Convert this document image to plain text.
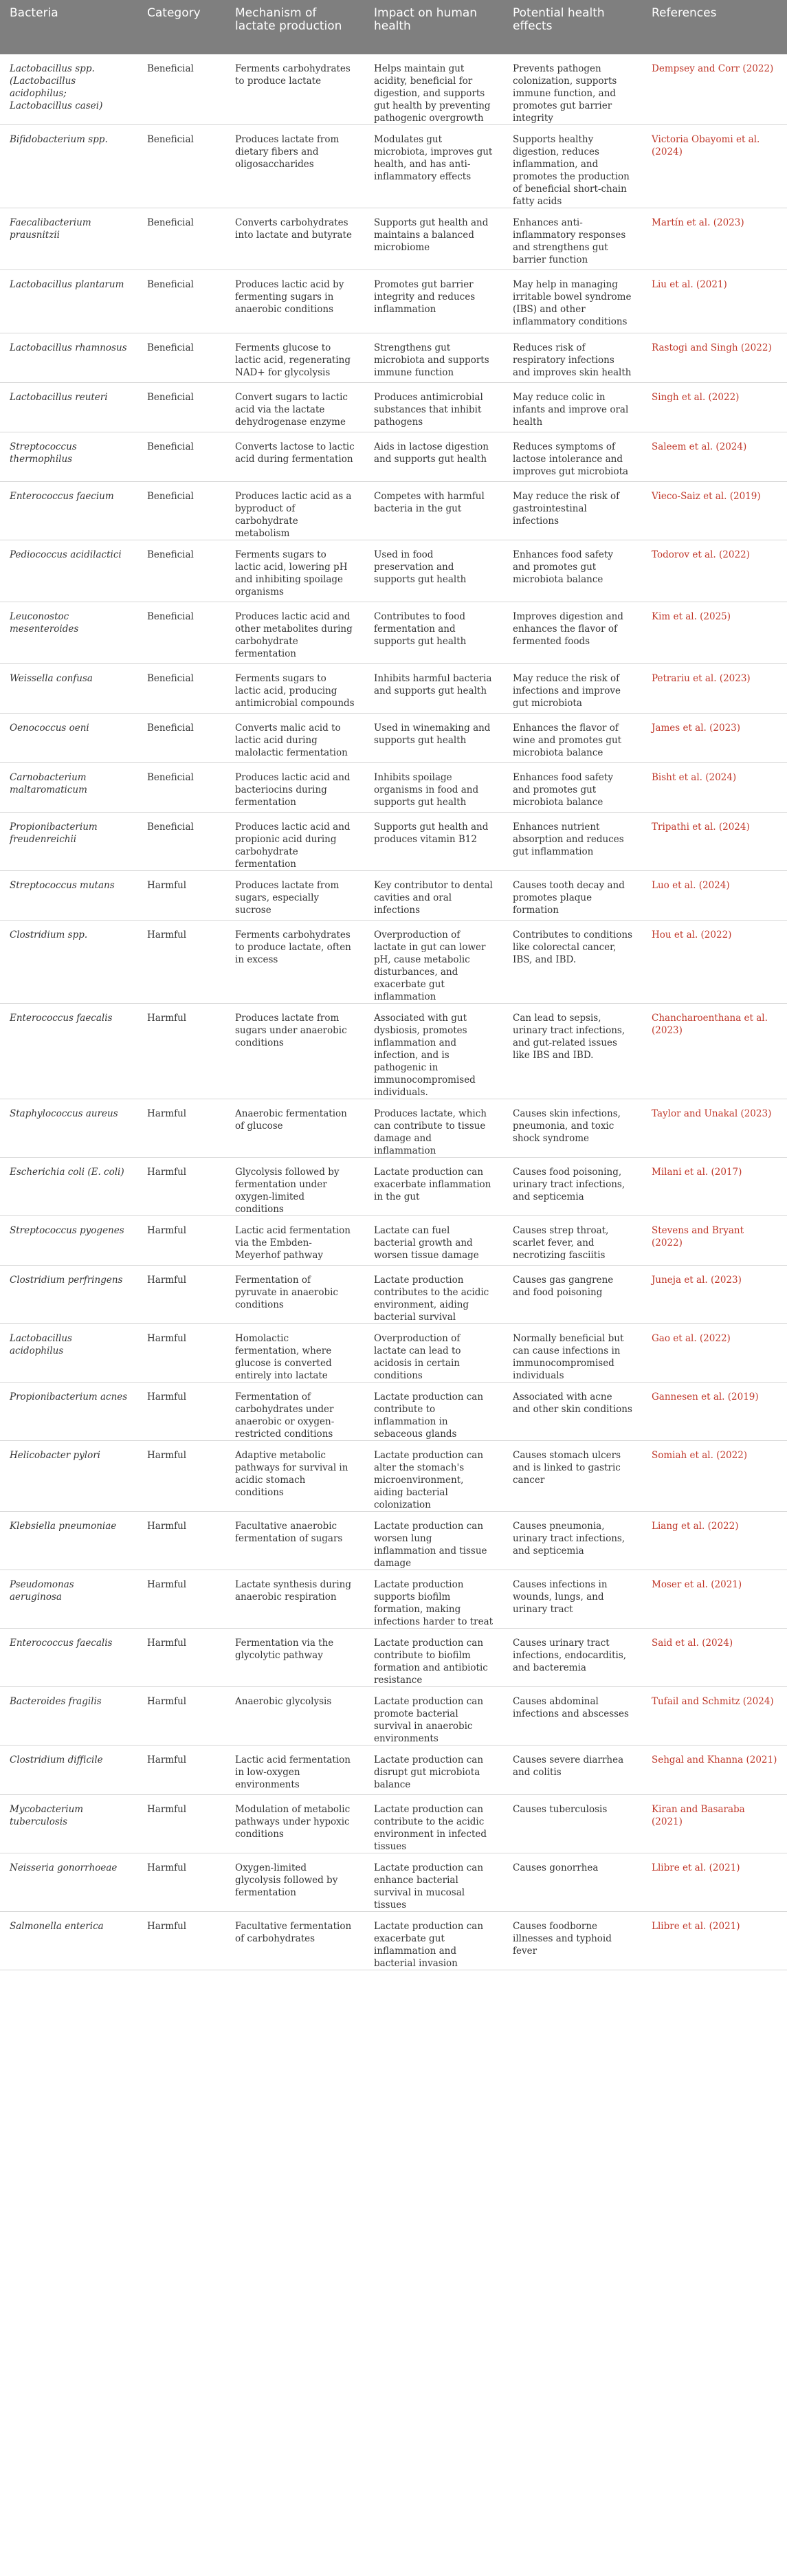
Bacteria	Category	Mechanism of lactate production	Impact on human health	Potential health effects	References
Lactobacillus spp. (Lactobacillus acidophilus; Lactobacillus casei)	Beneficial	Ferments carbohydrates to produce lactate	Helps maintain gut acidity, beneficial for digestion, and supports gut health by preventing pathogenic overgrowth	Prevents pathogen colonization, supports immune function, and promotes gut barrier integrity	Dempsey and Corr (2022)
Bifidobacterium spp.	Beneficial	Produces lactate from dietary fibers and oligosaccharides	Modulates gut microbiota, improves gut health, and has anti-inflammatory effects	Supports healthy digestion, reduces inflammation, and promotes the production of beneficial short-chain fatty acids	Victoria Obayomi et al. (2024)
Faecalibacterium prausnitzii	Beneficial	Converts carbohydrates into lactate and butyrate	Supports gut health and maintains a balanced microbiome	Enhances anti-inflammatory responses and strengthens gut barrier function	Martín et al. (2023)
Lactobacillus plantarum	Beneficial	Produces lactic acid by fermenting sugars in anaerobic conditions	Promotes gut barrier integrity and reduces inflammation	May help in managing irritable bowel syndrome (IBS) and other inflammatory conditions	Liu et al. (2021)
Lactobacillus rhamnosus	Beneficial	Ferments glucose to lactic acid, regenerating NAD+ for glycolysis	Strengthens gut microbiota and supports immune function	Reduces risk of respiratory infections and improves skin health	Rastogi and Singh (2022)
Lactobacillus reuteri	Beneficial	Convert sugars to lactic acid via the lactate dehydrogenase enzyme	Produces antimicrobial substances that inhibit pathogens	May reduce colic in infants and improve oral health	Singh et al. (2022)
Streptococcus thermophilus	Beneficial	Converts lactose to lactic acid during fermentation	Aids in lactose digestion and supports gut health	Reduces symptoms of lactose intolerance and improves gut microbiota	Saleem et al. (2024)
Enterococcus faecium	Beneficial	Produces lactic acid as a byproduct of carbohydrate metabolism	Competes with harmful bacteria in the gut	May reduce the risk of gastrointestinal infections	Vieco-Saiz et al. (2019)
Pediococcus acidilactici	Beneficial	Ferments sugars to lactic acid, lowering pH and inhibiting spoilage organisms	Used in food preservation and supports gut health	Enhances food safety and promotes gut microbiota balance	Todorov et al. (2022)
Leuconostoc mesenteroides	Beneficial	Produces lactic acid and other metabolites during carbohydrate fermentation	Contributes to food fermentation and supports gut health	Improves digestion and enhances the flavor of fermented foods	Kim et al. (2025)
Weissella confusa	Beneficial	Ferments sugars to lactic acid, producing antimicrobial compounds	Inhibits harmful bacteria and supports gut health	May reduce the risk of infections and improve gut microbiota	Petrariu et al. (2023)
Oenococcus oeni	Beneficial	Converts malic acid to lactic acid during malolactic fermentation	Used in winemaking and supports gut health	Enhances the flavor of wine and promotes gut microbiota balance	James et al. (2023)
Carnobacterium maltaromaticum	Beneficial	Produces lactic acid and bacteriocins during fermentation	Inhibits spoilage organisms in food and supports gut health	Enhances food safety and promotes gut microbiota balance	Bisht et al. (2024)
Propionibacterium freudenreichii	Beneficial	Produces lactic acid and propionic acid during carbohydrate fermentation	Supports gut health and produces vitamin B12	Enhances nutrient absorption and reduces gut inflammation	Tripathi et al. (2024)
Streptococcus mutans	Harmful	Produces lactate from sugars, especially sucrose	Key contributor to dental cavities and oral infections	Causes tooth decay and promotes plaque formation	Luo et al. (2024)
Clostridium spp.	Harmful	Ferments carbohydrates to produce lactate, often in excess	Overproduction of lactate in gut can lower pH, cause metabolic disturbances, and exacerbate gut inflammation	Contributes to conditions like colorectal cancer, IBS, and IBD.	Hou et al. (2022)
Enterococcus faecalis	Harmful	Produces lactate from sugars under anaerobic conditions	Associated with gut dysbiosis, promotes inflammation and infection, and is pathogenic in immunocompromised individuals.	Can lead to sepsis, urinary tract infections, and gut-related issues like IBS and IBD.	Chancharoenthana et al. (2023)
Staphylococcus aureus	Harmful	Anaerobic fermentation of glucose	Produces lactate, which can contribute to tissue damage and inflammation	Causes skin infections, pneumonia, and toxic shock syndrome	Taylor and Unakal (2023)
Escherichia coli (E. coli)	Harmful	Glycolysis followed by fermentation under oxygen-limited conditions	Lactate production can exacerbate inflammation in the gut	Causes food poisoning, urinary tract infections, and septicemia	Milani et al. (2017)
Streptococcus pyogenes	Harmful	Lactic acid fermentation via the Embden-Meyerhof pathway	Lactate can fuel bacterial growth and worsen tissue damage	Causes strep throat, scarlet fever, and necrotizing fasciitis	Stevens and Bryant (2022)
Clostridium perfringens	Harmful	Fermentation of pyruvate in anaerobic conditions	Lactate production contributes to the acidic environment, aiding bacterial survival	Causes gas gangrene and food poisoning	Juneja et al. (2023)
Lactobacillus acidophilus	Harmful	Homolactic fermentation, where glucose is converted entirely into lactate	Overproduction of lactate can lead to acidosis in certain conditions	Normally beneficial but can cause infections in immunocompromised individuals	Gao et al. (2022)
Propionibacterium acnes	Harmful	Fermentation of carbohydrates under anaerobic or oxygen-restricted conditions	Lactate production can contribute to inflammation in sebaceous glands	Associated with acne and other skin conditions	Gannesen et al. (2019)
Helicobacter pylori	Harmful	Adaptive metabolic pathways for survival in acidic stomach conditions	Lactate production can alter the stomach's microenvironment, aiding bacterial colonization	Causes stomach ulcers and is linked to gastric cancer	Somiah et al. (2022)
Klebsiella pneumoniae	Harmful	Facultative anaerobic fermentation of sugars	Lactate production can worsen lung inflammation and tissue damage	Causes pneumonia, urinary tract infections, and septicemia	Liang et al. (2022)
Pseudomonas aeruginosa	Harmful	Lactate synthesis during anaerobic respiration	Lactate production supports biofilm formation, making infections harder to treat	Causes infections in wounds, lungs, and urinary tract	Moser et al. (2021)
Enterococcus faecalis	Harmful	Fermentation via the glycolytic pathway	Lactate production can contribute to biofilm formation and antibiotic resistance	Causes urinary tract infections, endocarditis, and bacteremia	Said et al. (2024)
Bacteroides fragilis	Harmful	Anaerobic glycolysis	Lactate production can promote bacterial survival in anaerobic environments	Causes abdominal infections and abscesses	Tufail and Schmitz (2024)
Clostridium difficile	Harmful	Lactic acid fermentation in low-oxygen environments	Lactate production can disrupt gut microbiota balance	Causes severe diarrhea and colitis	Sehgal and Khanna (2021)
Mycobacterium tuberculosis	Harmful	Modulation of metabolic pathways under hypoxic conditions	Lactate production can contribute to the acidic environment in infected tissues	Causes tuberculosis	Kiran and Basaraba (2021)
Neisseria gonorrhoeae	Harmful	Oxygen-limited glycolysis followed by fermentation	Lactate production can enhance bacterial survival in mucosal tissues	Causes gonorrhea	Llibre et al. (2021)
Salmonella enterica	Harmful	Facultative fermentation of carbohydrates	Lactate production can exacerbate gut inflammation and bacterial invasion	Causes foodborne illnesses and typhoid fever	Llibre et al. (2021)
